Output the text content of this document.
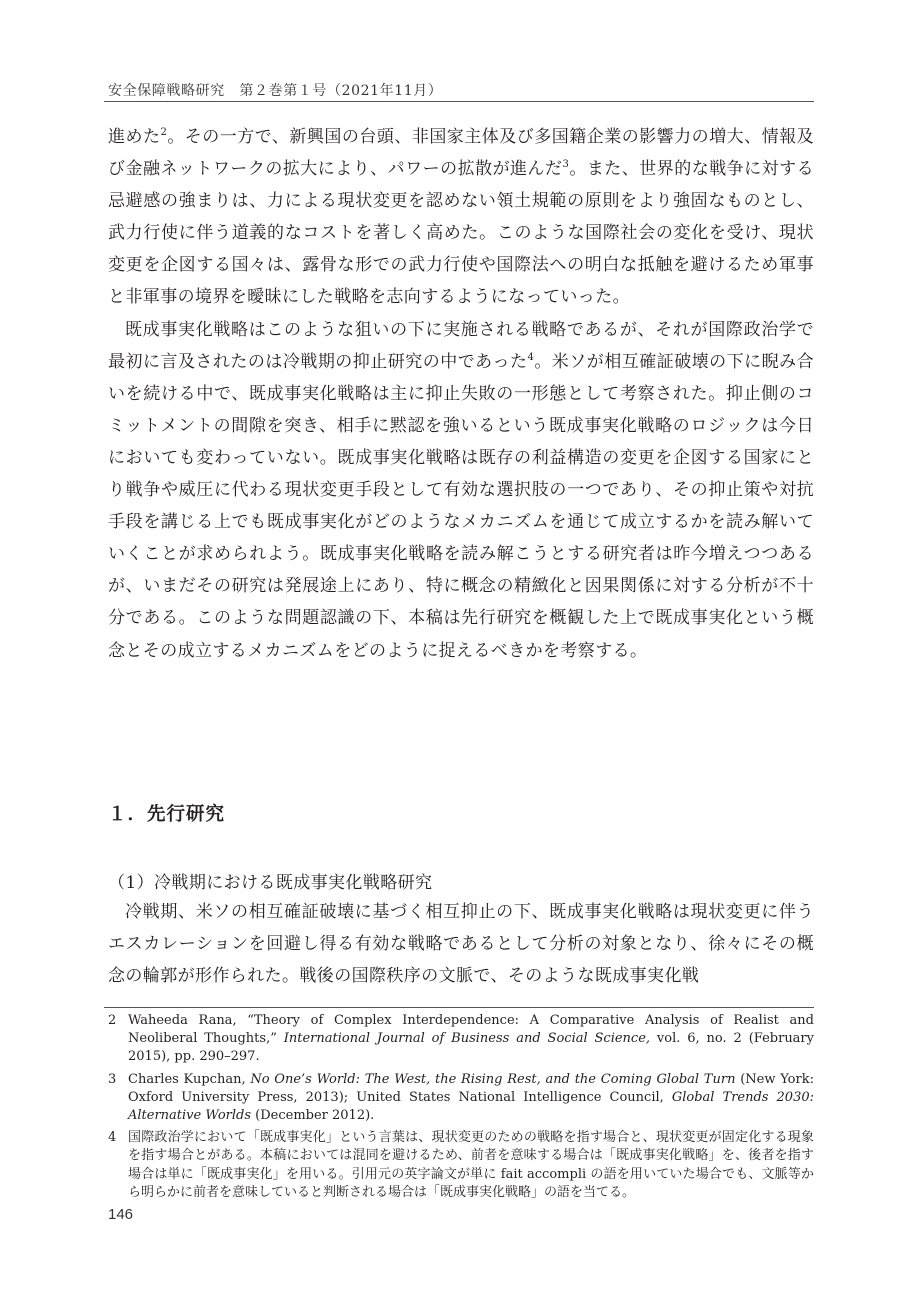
安全保障戦略研究　第２巻第１号（2021年11月）

進めた$^2$。その一方で、新興国の台頭、非国家主体及び多国籍企業の影響力の増大、情報及び金融ネットワークの拡大により、パワーの拡散が進んだ$^3$。また、世界的な戦争に対する忌避感の強まりは、力による現状変更を認めない領土規範の原則をより強固なものとし、武力行使に伴う道義的なコストを著しく高めた。このような国際社会の変化を受け、現状変更を企図する国々は、露骨な形での武力行使や国際法への明白な抵触を避けるため軍事と非軍事の境界を曖昧にした戦略を志向するようになっていった。

既成事実化戦略はこのような狙いの下に実施される戦略であるが、それが国際政治学で最初に言及されたのは冷戦期の抑止研究の中であった$^4$。米ソが相互確証破壊の下に睨み合いを続ける中で、既成事実化戦略は主に抑止失敗の一形態として考察された。抑止側のコミットメントの間隙を突き、相手に黙認を強いるという既成事実化戦略のロジックは今日においても変わっていない。既成事実化戦略は既存の利益構造の変更を企図する国家にとり戦争や威圧に代わる現状変更手段として有効な選択肢の一つであり、その抑止策や対抗手段を講じる上でも既成事実化がどのようなメカニズムを通じて成立するかを読み解いていくことが求められよう。既成事実化戦略を読み解こうとする研究者は昨今増えつつあるが、いまだその研究は発展途上にあり、特に概念の精緻化と因果関係に対する分析が不十分である。このような問題認識の下、本稿は先行研究を概観した上で既成事実化という概念とその成立するメカニズムをどのように捉えるべきかを考察する。

１．先行研究
（1）冷戦期における既成事実化戦略研究

冷戦期、米ソの相互確証破壊に基づく相互抑止の下、既成事実化戦略は現状変更に伴うエスカレーションを回避し得る有効な戦略であるとして分析の対象となり、徐々にその概念の輪郭が形作られた。戦後の国際秩序の文脈で、そのような既成事実化戦

2 Waheeda Rana, “Theory of Complex Interdependence: A Comparative Analysis of Realist and Neoliberal Thoughts,” International Journal of Business and Social Science, vol. 6, no. 2 (February 2015), pp. 290–297.
3 Charles Kupchan, No One’s World: The West, the Rising Rest, and the Coming Global Turn (New York: Oxford University Press, 2013); United States National Intelligence Council, Global Trends 2030: Alternative Worlds (December 2012).
4 国際政治学において「既成事実化」という言葉は、現状変更のための戦略を指す場合と、現状変更が固定化する現象を指す場合とがある。本稿においては混同を避けるため、前者を意味する場合は「既成事実化戦略」を、後者を指す場合は単に「既成事実化」を用いる。引用元の英字論文が単に fait accompli の語を用いていた場合でも、文脈等から明らかに前者を意味していると判断される場合は「既成事実化戦略」の語を当てる。
146
